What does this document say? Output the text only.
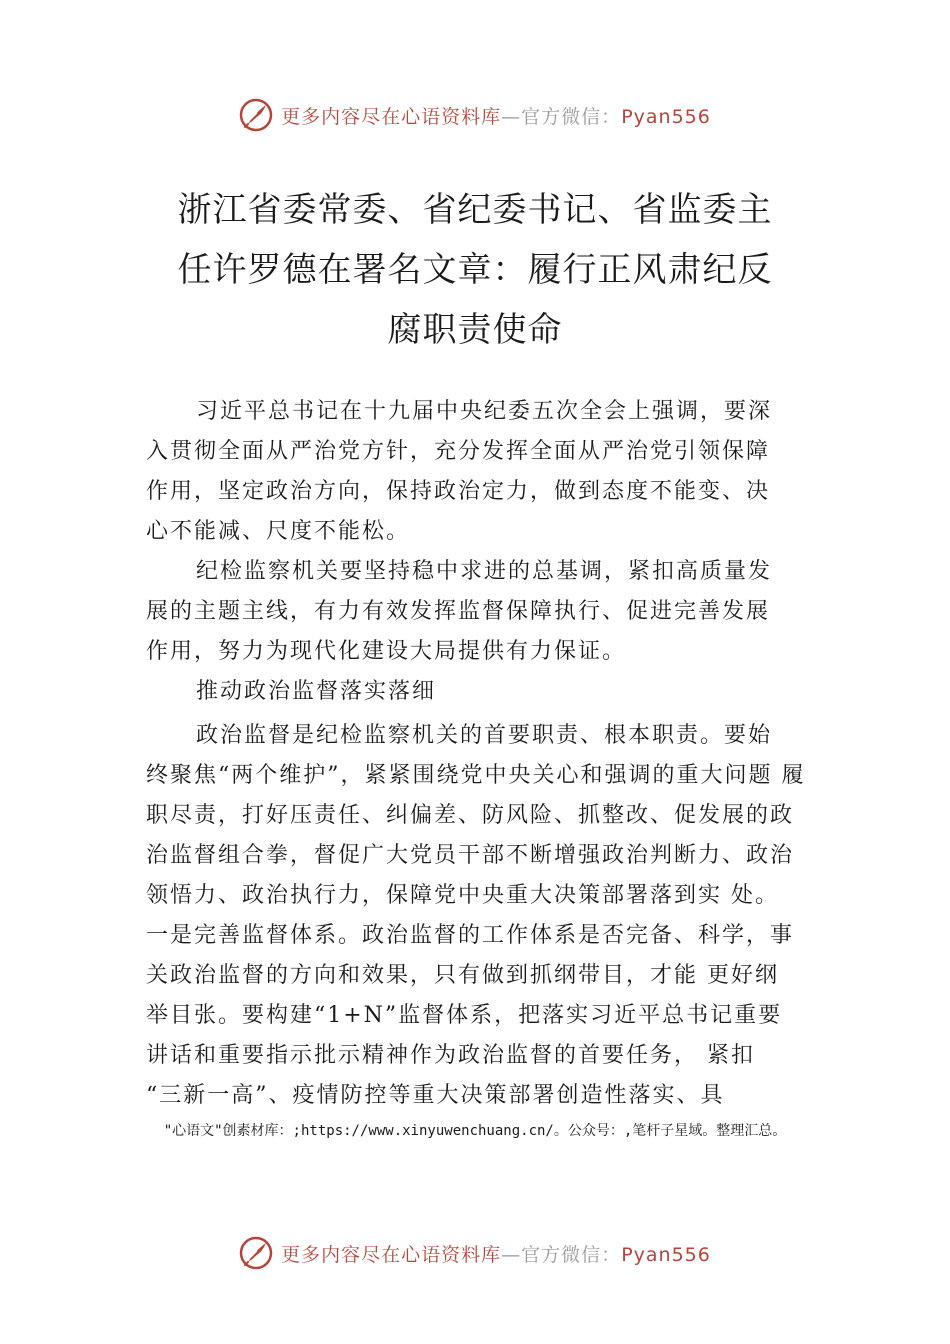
更多内容尽在心语资料库—官方微信：Pyan556
浙江省委常委、省纪委书记、省监委主
任许罗德在署名文章：履行正风肃纪反
腐职责使命
习近平总书记在十九届中央纪委五次全会上强调，要深
入贯彻全面从严治党方针，充分发挥全面从严治党引领保障
作用，坚定政治方向，保持政治定力，做到态度不能变、决
心不能减、尺度不能松。
纪检监察机关要坚持稳中求进的总基调，紧扣高质量发
展的主题主线，有力有效发挥监督保障执行、促进完善发展
作用，努力为现代化建设大局提供有力保证。
推动政治监督落实落细
政治监督是纪检监察机关的首要职责、根本职责。要始
终聚焦“两个维护”，紧紧围绕党中央关心和强调的重大问题 履
职尽责，打好压责任、纠偏差、防风险、抓整改、促发展的政
治监督组合拳，督促广大党员干部不断增强政治判断力、政治
领悟力、政治执行力，保障党中央重大决策部署落到实 处。
一是完善监督体系。政治监督的工作体系是否完备、科学，事
关政治监督的方向和效果，只有做到抓纲带目，才能 更好纲
举目张。要构建“1+N”监督体系，把落实习近平总书记重要
讲话和重要指示批示精神作为政治监督的首要任务， 紧扣
“三新一高”、疫情防控等重大决策部署创造性落实、具
"心语文"创素材库：;https://www.xinyuwenchuang.cn/。公众号：,笔杆子星域。整理汇总。
更多内容尽在心语资料库—官方微信：Pyan556
